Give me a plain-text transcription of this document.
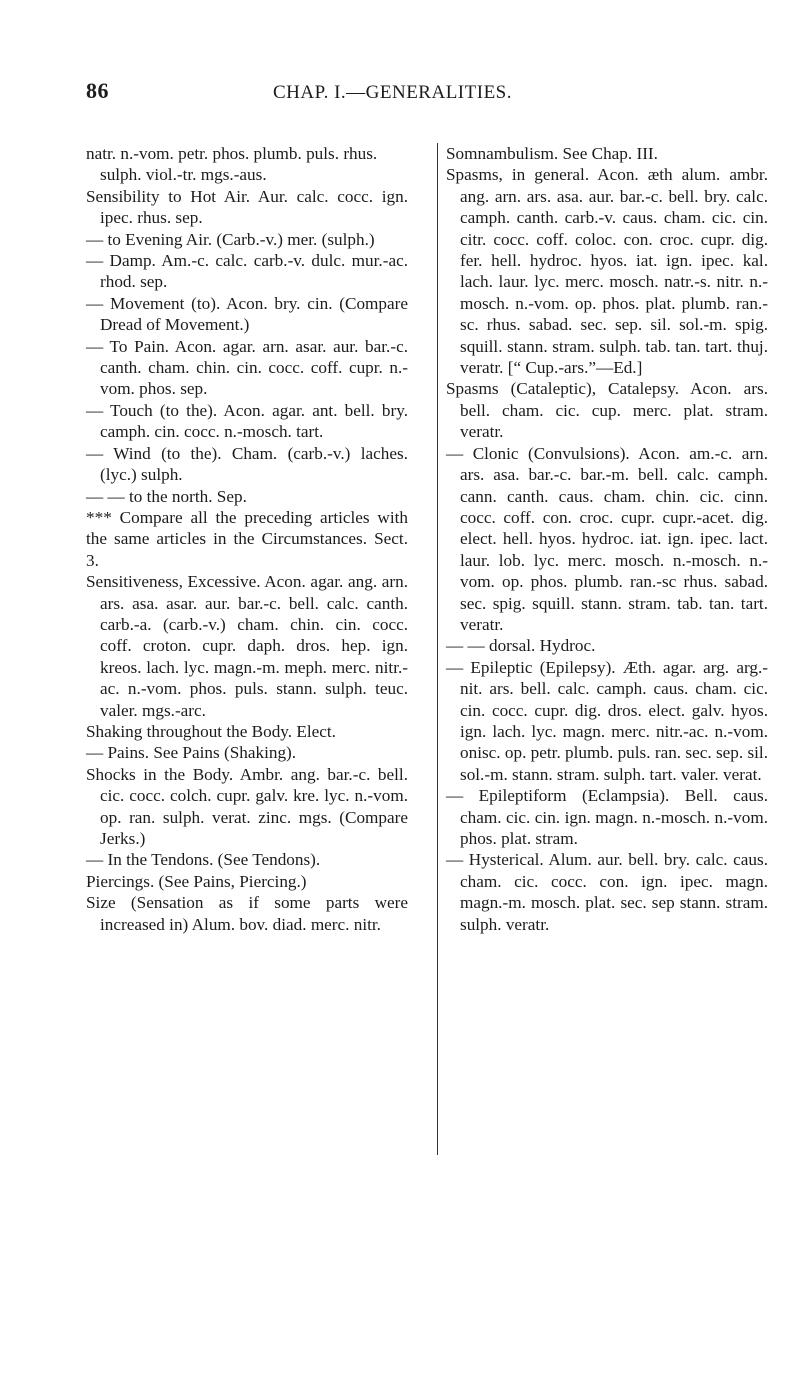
86	CHAP. I.—GENERALITIES.
natr. n.-vom. petr. phos. plumb. puls. rhus. sulph. viol.-tr. mgs.-aus.
Sensibility to Hot Air. Aur. calc. cocc. ign. ipec. rhus. sep.
— to Evening Air. (Carb.-v.) mer. (sulph.)
— Damp. Am.-c. calc. carb.-v. dulc. mur.-ac. rhod. sep.
— Movement (to). Acon. bry. cin. (Compare Dread of Movement.)
— To Pain. Acon. agar. arn. asar. aur. bar.-c. canth. cham. chin. cin. cocc. coff. cupr. n.-vom. phos. sep.
— Touch (to the). Acon. agar. ant. bell. bry. camph. cin. cocc. n.-mosch. tart.
— Wind (to the). Cham. (carb.-v.) laches. (lyc.) sulph.
— — to the north. Sep.
*** Compare all the preceding articles with the same articles in the Circumstances. Sect. 3.
Sensitiveness, Excessive. Acon. agar. ang. arn. ars. asa. asar. aur. bar.-c. bell. calc. canth. carb.-a. (carb.-v.) cham. chin. cin. cocc. coff. croton. cupr. daph. dros. hep. ign. kreos. lach. lyc. magn.-m. meph. merc. nitr.-ac. n.-vom. phos. puls. stann. sulph. teuc. valer. mgs.-arc.
Shaking throughout the Body. Elect.
— Pains. See Pains (Shaking).
Shocks in the Body. Ambr. ang. bar.-c. bell. cic. cocc. colch. cupr. galv. kre. lyc. n.-vom. op. ran. sulph. verat. zinc. mgs. (Compare Jerks.)
— In the Tendons. (See Tendons).
Piercings. (See Pains, Piercing.)
Size (Sensation as if some parts were increased in) Alum. bov. diad. merc. nitr.
Somnambulism. See Chap. III.
Spasms, in general. Acon. æth alum. ambr. ang. arn. ars. asa. aur. bar.-c. bell. bry. calc. camph. canth. carb.-v. caus. cham. cic. cin. citr. cocc. coff. coloc. con. croc. cupr. dig. fer. hell. hydroc. hyos. iat. ign. ipec. kal. lach. laur. lyc. merc. mosch. natr.-s. nitr. n.-mosch. n.-vom. op. phos. plat. plumb. ran.-sc. rhus. sabad. sec. sep. sil. sol.-m. spig. squill. stann. stram. sulph. tab. tan. tart. thuj. veratr. [“ Cup.-ars.”—Ed.]
Spasms (Cataleptic), Catalepsy. Acon. ars. bell. cham. cic. cup. merc. plat. stram. veratr.
— Clonic (Convulsions). Acon. am.-c. arn. ars. asa. bar.-c. bar.-m. bell. calc. camph. cann. canth. caus. cham. chin. cic. cinn. cocc. coff. con. croc. cupr. cupr.-acet. dig. elect. hell. hyos. hydroc. iat. ign. ipec. lact. laur. lob. lyc. merc. mosch. n.-mosch. n.-vom. op. phos. plumb. ran.-sc rhus. sabad. sec. spig. squill. stann. stram. tab. tan. tart. veratr.
— — dorsal. Hydroc.
— Epileptic (Epilepsy). Æth. agar. arg. arg.-nit. ars. bell. calc. camph. caus. cham. cic. cin. cocc. cupr. dig. dros. elect. galv. hyos. ign. lach. lyc. magn. merc. nitr.-ac. n.-vom. onisc. op. petr. plumb. puls. ran. sec. sep. sil. sol.-m. stann. stram. sulph. tart. valer. verat.
— Epileptiform (Eclampsia). Bell. caus. cham. cic. cin. ign. magn. n.-mosch. n.-vom. phos. plat. stram.
— Hysterical. Alum. aur. bell. bry. calc. caus. cham. cic. cocc. con. ign. ipec. magn. magn.-m. mosch. plat. sec. sep stann. stram. sulph. veratr.
